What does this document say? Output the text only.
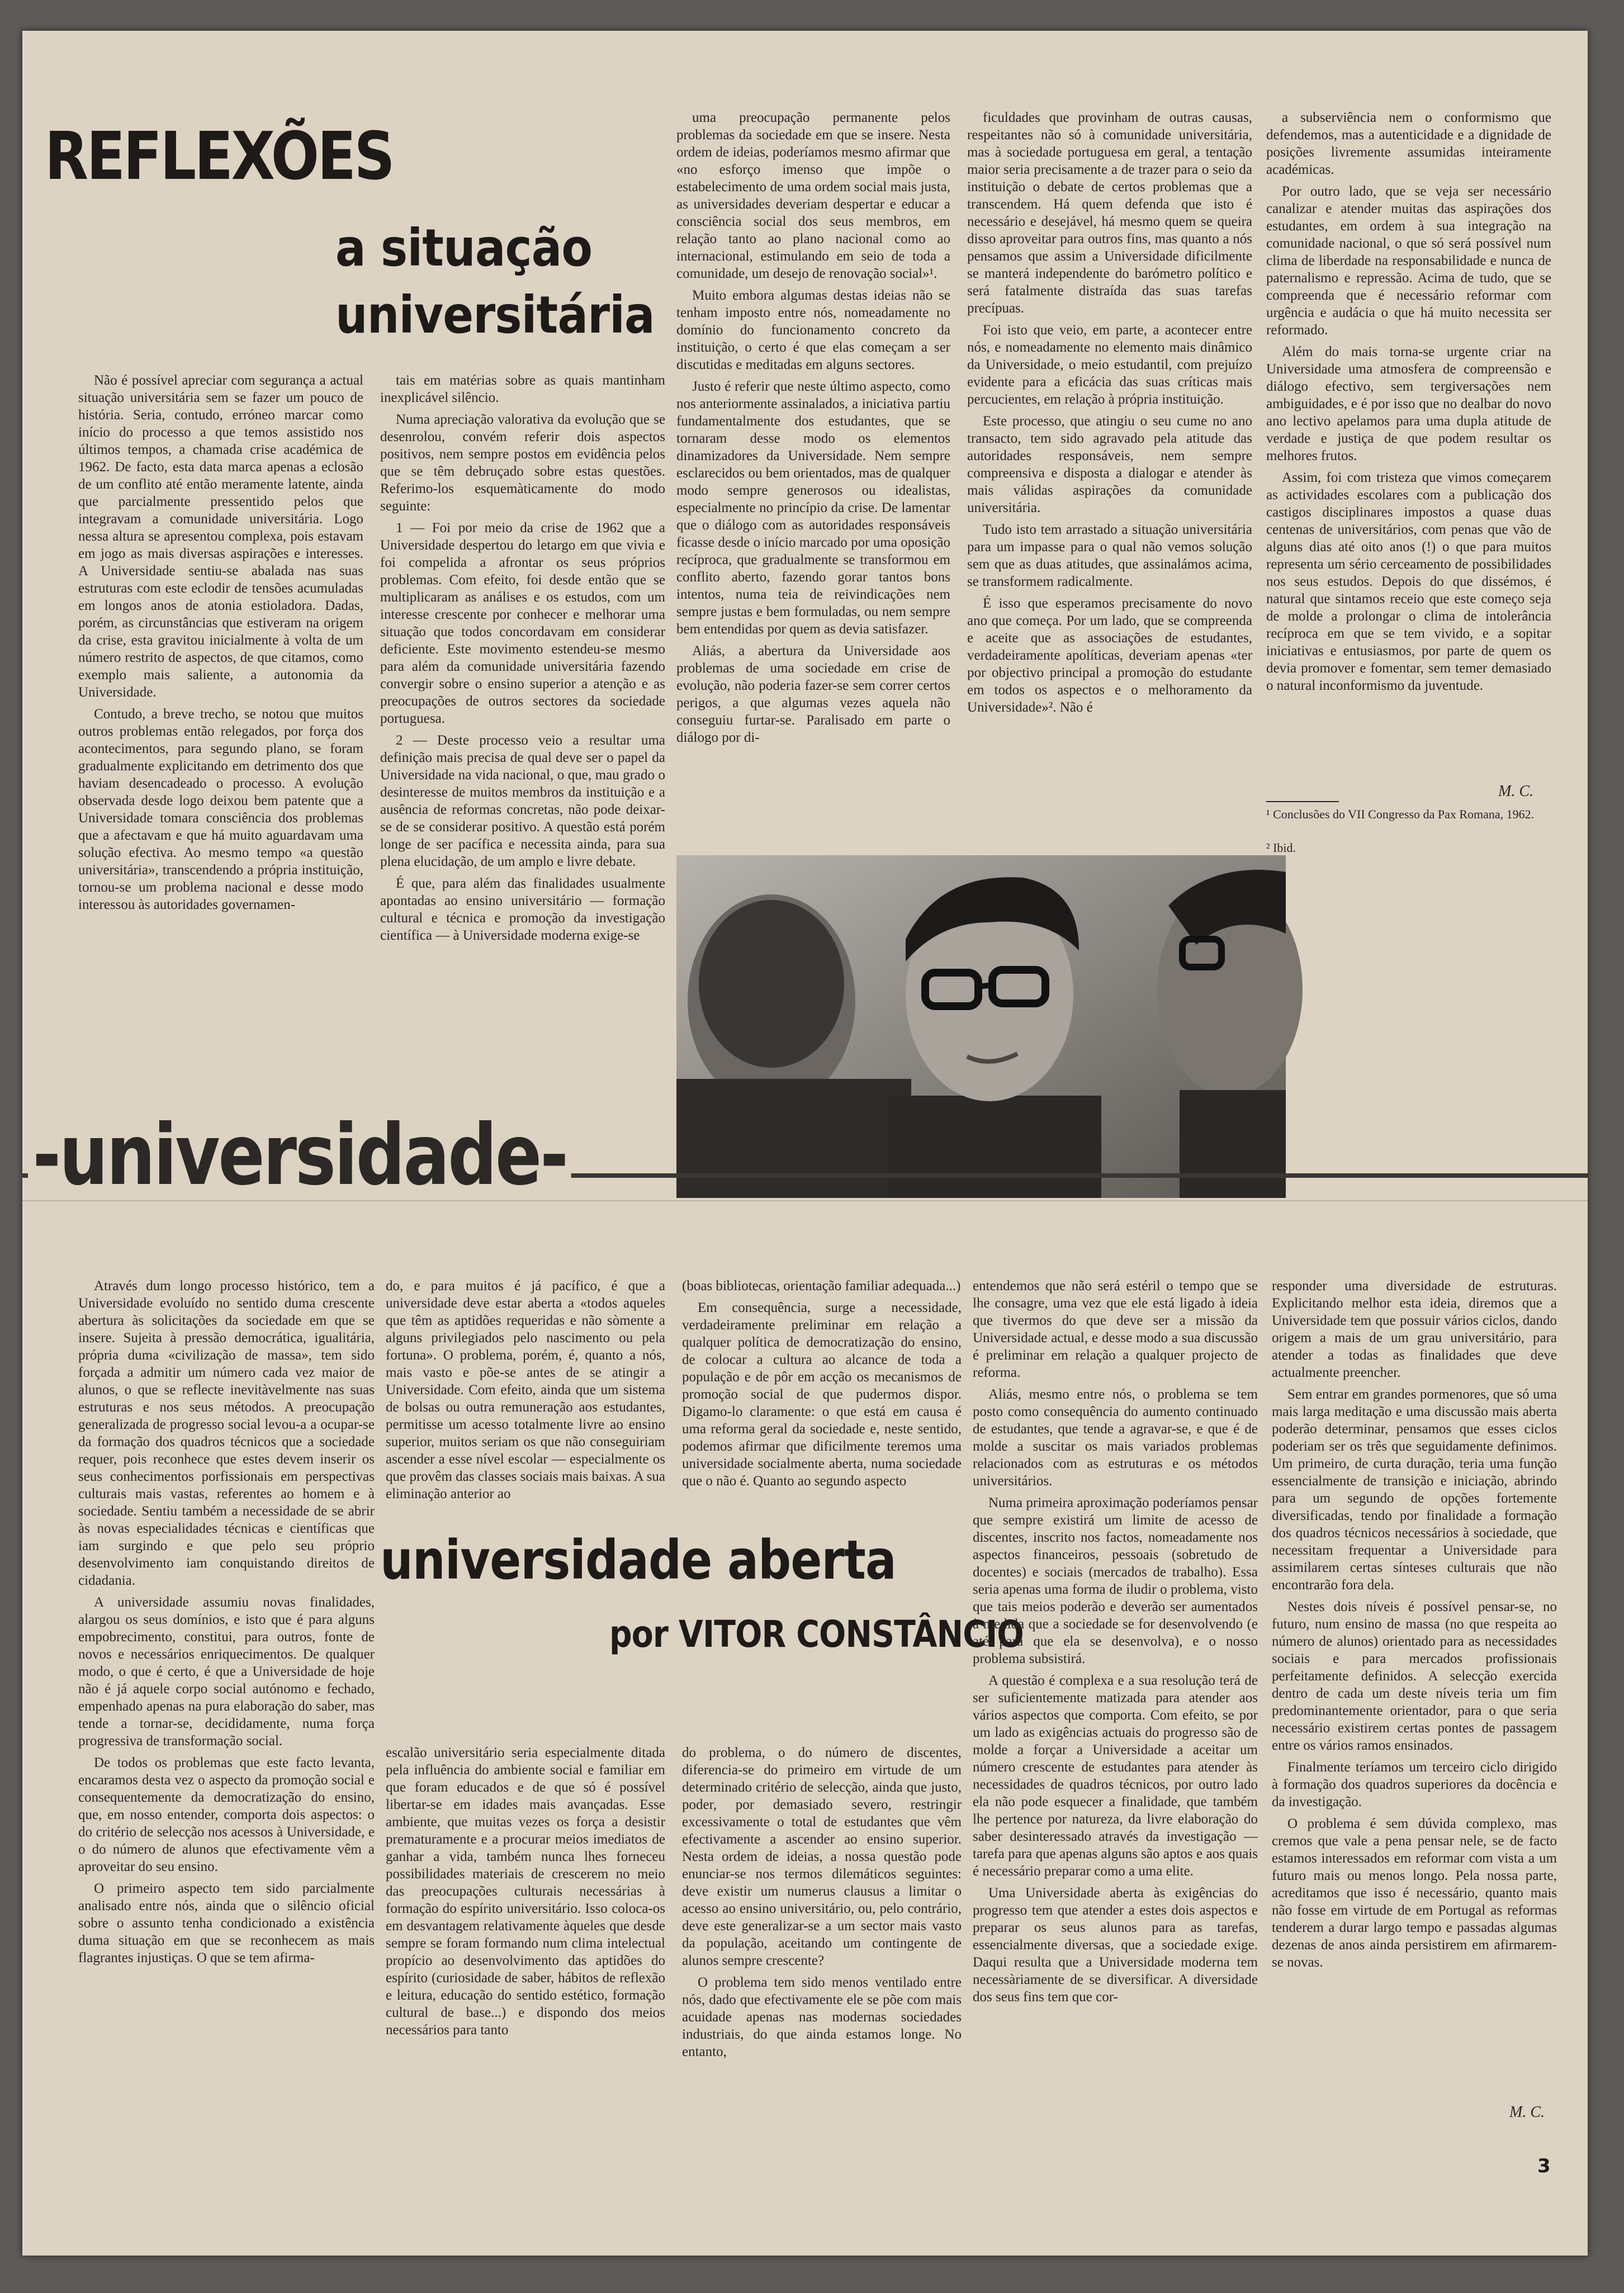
REFLEXÕES
a situação
universitária

Não é possível apreciar com segurança a actual situação universitária sem se fazer um pouco de história. Seria, contudo, erróneo marcar como início do processo a que temos assistido nos últimos tempos, a chamada crise académica de 1962. De facto, esta data marca apenas a eclosão de um conflito até então meramente latente, ainda que parcialmente pressentido pelos que integravam a comunidade universitária. Logo nessa altura se apresentou complexa, pois estavam em jogo as mais diversas aspirações e interesses. A Universidade sentiu-se abalada nas suas estruturas com este eclodir de tensões acumuladas em longos anos de atonia estioladora. Dadas, porém, as circunstâncias que estiveram na origem da crise, esta gravitou inicialmente à volta de um número restrito de aspectos, de que citamos, como exemplo mais saliente, a autonomia da Universidade.

Contudo, a breve trecho, se notou que muitos outros problemas então relegados, por força dos acontecimentos, para segundo plano, se foram gradualmente explicitando em detrimento dos que haviam desencadeado o processo. A evolução observada desde logo deixou bem patente que a Universidade tomara consciência dos problemas que a afectavam e que há muito aguardavam uma solução efectiva. Ao mesmo tempo «a questão universitária», transcendendo a própria instituição, tornou-se um problema nacional e desse modo interessou às autoridades governamen-

tais em matérias sobre as quais mantinham inexplicável silêncio.

Numa apreciação valorativa da evolução que se desenrolou, convém referir dois aspectos positivos, nem sempre postos em evidência pelos que se têm debruçado sobre estas questões. Referimo-los esquemàticamente do modo seguinte:

1 — Foi por meio da crise de 1962 que a Universidade despertou do letargo em que vivia e foi compelida a afrontar os seus próprios problemas. Com efeito, foi desde então que se multiplicaram as análises e os estudos, com um interesse crescente por conhecer e melhorar uma situação que todos concordavam em considerar deficiente. Este movimento estendeu-se mesmo para além da comunidade universitária fazendo convergir sobre o ensino superior a atenção e as preocupações de outros sectores da sociedade portuguesa.

2 — Deste processo veio a resultar uma definição mais precisa de qual deve ser o papel da Universidade na vida nacional, o que, mau grado o desinteresse de muitos membros da instituição e a ausência de reformas concretas, não pode deixar-se de se considerar positivo. A questão está porém longe de ser pacífica e necessita ainda, para sua plena elucidação, de um amplo e livre debate.

É que, para além das finalidades usualmente apontadas ao ensino universitário — formação cultural e técnica e promoção da investigação científica — à Universidade moderna exige-se

uma preocupação permanente pelos problemas da sociedade em que se insere. Nesta ordem de ideias, poderíamos mesmo afirmar que «no esforço imenso que impõe o estabelecimento de uma ordem social mais justa, as universidades deveriam despertar e educar a consciência social dos seus membros, em relação tanto ao plano nacional como ao internacional, estimulando em seio de toda a comunidade, um desejo de renovação social»¹.

Muito embora algumas destas ideias não se tenham imposto entre nós, nomeadamente no domínio do funcionamento concreto da instituição, o certo é que elas começam a ser discutidas e meditadas em alguns sectores.

Justo é referir que neste último aspecto, como nos anteriormente assinalados, a iniciativa partiu fundamentalmente dos estudantes, que se tornaram desse modo os elementos dinamizadores da Universidade. Nem sempre esclarecidos ou bem orientados, mas de qualquer modo sempre generosos ou idealistas, especialmente no princípio da crise. De lamentar que o diálogo com as autoridades responsáveis ficasse desde o início marcado por uma oposição recíproca, que gradualmente se transformou em conflito aberto, fazendo gorar tantos bons intentos, numa teia de reivindicações nem sempre justas e bem formuladas, ou nem sempre bem entendidas por quem as devia satisfazer.

Aliás, a abertura da Universidade aos problemas de uma sociedade em crise de evolução, não poderia fazer-se sem correr certos perigos, a que algumas vezes aquela não conseguiu furtar-se. Paralisado em parte o diálogo por di-

ficuldades que provinham de outras causas, respeitantes não só à comunidade universitária, mas à sociedade portuguesa em geral, a tentação maior seria precisamente a de trazer para o seio da instituição o debate de certos problemas que a transcendem. Há quem defenda que isto é necessário e desejável, há mesmo quem se queira disso aproveitar para outros fins, mas quanto a nós pensamos que assim a Universidade dificilmente se manterá independente do barómetro político e será fatalmente distraída das suas tarefas precípuas.

Foi isto que veio, em parte, a acontecer entre nós, e nomeadamente no elemento mais dinâmico da Universidade, o meio estudantil, com prejuízo evidente para a eficácia das suas críticas mais percucientes, em relação à própria instituição.

Este processo, que atingiu o seu cume no ano transacto, tem sido agravado pela atitude das autoridades responsáveis, nem sempre compreensiva e disposta a dialogar e atender às mais válidas aspirações da comunidade universitária.

Tudo isto tem arrastado a situação universitária para um impasse para o qual não vemos solução sem que as duas atitudes, que assinalámos acima, se transformem radicalmente.

É isso que esperamos precisamente do novo ano que começa. Por um lado, que se compreenda e aceite que as associações de estudantes, verdadeiramente apolíticas, deveriam apenas «ter por objectivo principal a promoção do estudante em todos os aspectos e o melhoramento da Universidade»². Não é

a subserviência nem o conformismo que defendemos, mas a autenticidade e a dignidade de posições livremente assumidas inteiramente académicas.

Por outro lado, que se veja ser necessário canalizar e atender muitas das aspirações dos estudantes, em ordem à sua integração na comunidade nacional, o que só será possível num clima de liberdade na responsabilidade e nunca de paternalismo e repressão. Acima de tudo, que se compreenda que é necessário reformar com urgência e audácia o que há muito necessita ser reformado.

Além do mais torna-se urgente criar na Universidade uma atmosfera de compreensão e diálogo efectivo, sem tergiversações nem ambiguidades, e é por isso que no dealbar do novo ano lectivo apelamos para uma dupla atitude de verdade e justiça de que podem resultar os melhores frutos.

Assim, foi com tristeza que vimos começarem as actividades escolares com a publicação dos castigos disciplinares impostos a quase duas centenas de universitários, com penas que vão de alguns dias até oito anos (!) o que para muitos representa um sério cerceamento de possibilidades nos seus estudos. Depois do que dissémos, é natural que sintamos receio que este começo seja de molde a prolongar o clima de intolerância recíproca em que se tem vivido, e a sopitar iniciativas e entusiasmos, por parte de quem os devia promover e fomentar, sem temer demasiado o natural inconformismo da juventude.

M. C.
¹ Conclusões do VII Congresso da Pax Romana, 1962.
² Ibid.
-universidade-

Através dum longo processo histórico, tem a Universidade evoluído no sentido duma crescente abertura às solicitações da sociedade em que se insere. Sujeita à pressão democrática, igualitária, própria duma «civilização de massa», tem sido forçada a admitir um número cada vez maior de alunos, o que se reflecte inevitàvelmente nas suas estruturas e nos seus métodos. A preocupação generalizada de progresso social levou-a a ocupar-se da formação dos quadros técnicos que a sociedade requer, pois reconhece que estes devem inserir os seus conhecimentos porfissionais em perspectivas culturais mais vastas, referentes ao homem e à sociedade. Sentiu também a necessidade de se abrir às novas especialidades técnicas e científicas que iam surgindo e que pelo seu próprio desenvolvimento iam conquistando direitos de cidadania.

A universidade assumiu novas finalidades, alargou os seus domínios, e isto que é para alguns empobrecimento, constitui, para outros, fonte de novos e necessários enriquecimentos. De qualquer modo, o que é certo, é que a Universidade de hoje não é já aquele corpo social autónomo e fechado, empenhado apenas na pura elaboração do saber, mas tende a tornar-se, decididamente, numa força progressiva de transformação social.

De todos os problemas que este facto levanta, encaramos desta vez o aspecto da promoção social e consequentemente da democratização do ensino, que, em nosso entender, comporta dois aspectos: o do critério de selecção nos acessos à Universidade, e o do número de alunos que efectivamente vêm a aproveitar do seu ensino.

O primeiro aspecto tem sido parcialmente analisado entre nós, ainda que o silêncio oficial sobre o assunto tenha condicionado a existência duma situação em que se reconhecem as mais flagrantes injustiças. O que se tem afirma-

do, e para muitos é já pacífico, é que a universidade deve estar aberta a «todos aqueles que têm as aptidões requeridas e não sòmente a alguns privilegiados pelo nascimento ou pela fortuna». O problema, porém, é, quanto a nós, mais vasto e põe-se antes de se atingir a Universidade. Com efeito, ainda que um sistema de bolsas ou outra remuneração aos estudantes, permitisse um acesso totalmente livre ao ensino superior, muitos seriam os que não conseguiriam ascender a esse nível escolar — especialmente os que provêm das classes sociais mais baixas. A sua eliminação anterior ao

(boas bibliotecas, orientação familiar adequada...)

Em consequência, surge a necessidade, verdadeiramente preliminar em relação a qualquer política de democratização do ensino, de colocar a cultura ao alcance de toda a população e de pôr em acção os mecanismos de promoção social de que pudermos dispor. Digamo-lo claramente: o que está em causa é uma reforma geral da sociedade e, neste sentido, podemos afirmar que dificilmente teremos uma universidade socialmente aberta, numa sociedade que o não é. Quanto ao segundo aspecto

universidade aberta
por VITOR CONSTÂNCIO

escalão universitário seria especialmente ditada pela influência do ambiente social e familiar em que foram educados e de que só é possível libertar-se em idades mais avançadas. Esse ambiente, que muitas vezes os força a desistir prematuramente e a procurar meios imediatos de ganhar a vida, também nunca lhes forneceu possibilidades materiais de crescerem no meio das preocupações culturais necessárias à formação do espírito universitário. Isso coloca-os em desvantagem relativamente àqueles que desde sempre se foram formando num clima intelectual propício ao desenvolvimento das aptidões do espírito (curiosidade de saber, hábitos de reflexão e leitura, educação do sentido estético, formação cultural de base...) e dispondo dos meios necessários para tanto

do problema, o do número de discentes, diferencia-se do primeiro em virtude de um determinado critério de selecção, ainda que justo, poder, por demasiado severo, restringir excessivamente o total de estudantes que vêm efectivamente a ascender ao ensino superior. Nesta ordem de ideias, a nossa questão pode enunciar-se nos termos dilemáticos seguintes: deve existir um numerus clausus a limitar o acesso ao ensino universitário, ou, pelo contrário, deve este generalizar-se a um sector mais vasto da população, aceitando um contingente de alunos sempre crescente?

O problema tem sido menos ventilado entre nós, dado que efectivamente ele se põe com mais acuidade apenas nas modernas sociedades industriais, do que ainda estamos longe. No entanto,

entendemos que não será estéril o tempo que se lhe consagre, uma vez que ele está ligado à ideia que tivermos do que deve ser a missão da Universidade actual, e desse modo a sua discussão é preliminar em relação a qualquer projecto de reforma.

Aliás, mesmo entre nós, o problema se tem posto como consequência do aumento continuado de estudantes, que tende a agravar-se, e que é de molde a suscitar os mais variados problemas relacionados com as estruturas e os métodos universitários.

Numa primeira aproximação poderíamos pensar que sempre existirá um limite de acesso de discentes, inscrito nos factos, nomeadamente nos aspectos financeiros, pessoais (sobretudo de docentes) e sociais (mercados de trabalho). Essa seria apenas uma forma de iludir o problema, visto que tais meios poderão e deverão ser aumentados à medida que a sociedade se for desenvolvendo (e até para que ela se desenvolva), e o nosso problema subsistirá.

A questão é complexa e a sua resolução terá de ser suficientemente matizada para atender aos vários aspectos que comporta. Com efeito, se por um lado as exigências actuais do progresso são de molde a forçar a Universidade a aceitar um número crescente de estudantes para atender às necessidades de quadros técnicos, por outro lado ela não pode esquecer a finalidade, que também lhe pertence por natureza, da livre elaboração do saber desinteressado através da investigação — tarefa para que apenas alguns são aptos e aos quais é necessário preparar como a uma elite.

Uma Universidade aberta às exigências do progresso tem que atender a estes dois aspectos e preparar os seus alunos para as tarefas, essencialmente diversas, que a sociedade exige. Daqui resulta que a Universidade moderna tem necessàriamente de se diversificar. A diversidade dos seus fins tem que cor-

responder uma diversidade de estruturas. Explicitando melhor esta ideia, diremos que a Universidade tem que possuir vários ciclos, dando origem a mais de um grau universitário, para atender a todas as finalidades que deve actualmente preencher.

Sem entrar em grandes pormenores, que só uma mais larga meditação e uma discussão mais aberta poderão determinar, pensamos que esses ciclos poderiam ser os três que seguidamente definimos. Um primeiro, de curta duração, teria uma função essencialmente de transição e iniciação, abrindo para um segundo de opções fortemente diversificadas, tendo por finalidade a formação dos quadros técnicos necessários à sociedade, que necessitam frequentar a Universidade para assimilarem certas sínteses culturais que não encontrarão fora dela.

Nestes dois níveis é possível pensar-se, no futuro, num ensino de massa (no que respeita ao número de alunos) orientado para as necessidades sociais e para mercados profissionais perfeitamente definidos. A selecção exercida dentro de cada um deste níveis teria um fim predominantemente orientador, para o que seria necessário existirem certas pontes de passagem entre os vários ramos ensinados.

Finalmente teríamos um terceiro ciclo dirigido à formação dos quadros superiores da docência e da investigação.

O problema é sem dúvida complexo, mas cremos que vale a pena pensar nele, se de facto estamos interessados em reformar com vista a um futuro mais ou menos longo. Pela nossa parte, acreditamos que isso é necessário, quanto mais não fosse em virtude de em Portugal as reformas tenderem a durar largo tempo e passadas algumas dezenas de anos ainda persistirem em afirmarem-se novas.

M. C.
3
